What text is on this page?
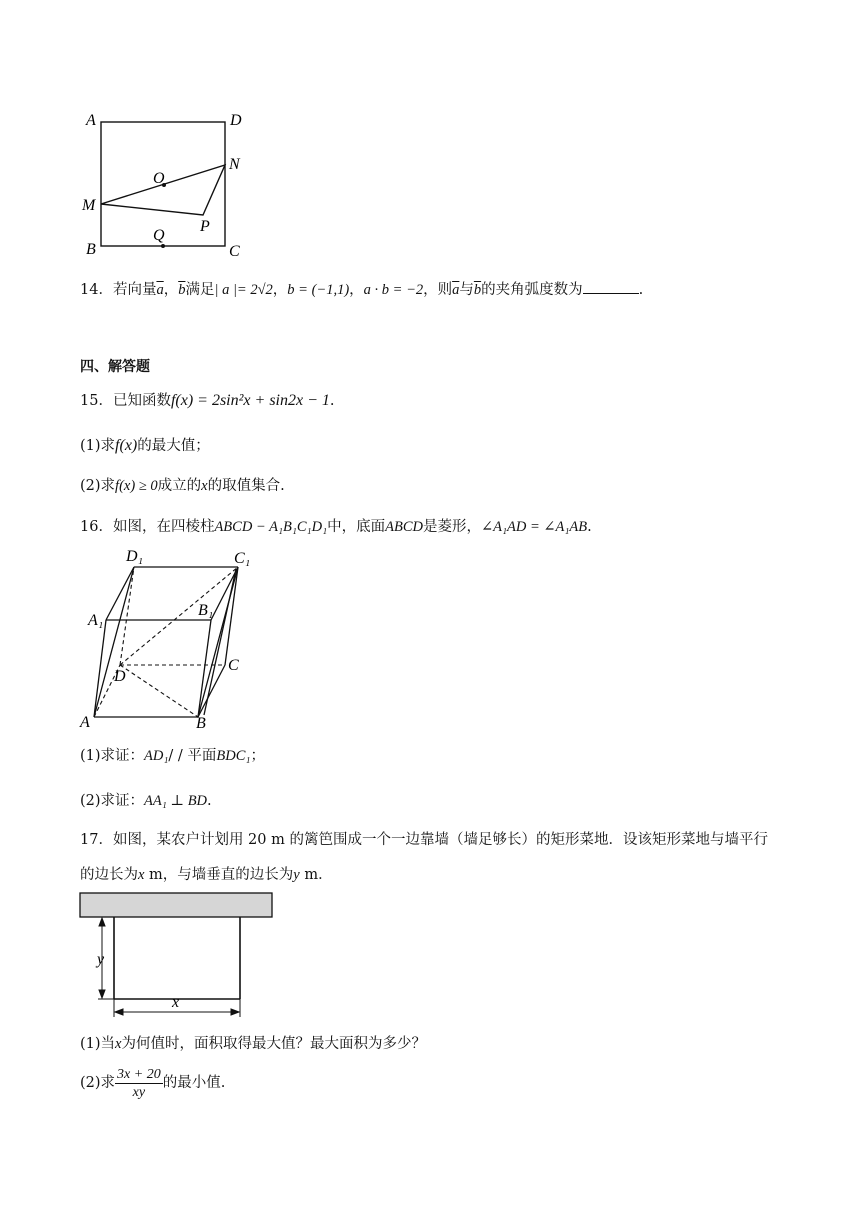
A	D
N
O
M
P
B
Q
C
14．若向量$\overline{a}$，$\overline{b}$满足| a |= 2√2，b = (−1,1)，a · b = −2，则$\overline{a}$与$\overline{b}$的夹角弧度数为	.
四、解答题
15．已知函数f(x) = 2sin²x + sin2x − 1.
(1)求f(x)的最大值；
(2)求f(x) ≥ 0成立的x的取值集合.
16．如图，在四棱柱ABCD − A₁B₁C₁D₁中，底面ABCD是菱形，∠A₁AD = ∠A₁AB.
D₁	C₁
A₁
B₁
C
D
A	B
(1)求证：AD₁/ / 平面BDC₁；
(2)求证：AA₁ ⊥ BD.
17．如图，某农户计划用 20 m 的篱笆围成一个一边靠墙（墙足够长）的矩形菜地．设该矩形菜地与墙平行
的边长为x m，与墙垂直的边长为y m．
y
x
(1)当x为何值时，面积取得最大值？最大面积为多少？
(2)求 $\frac{3x + 20}{xy}$ 的最小值.
